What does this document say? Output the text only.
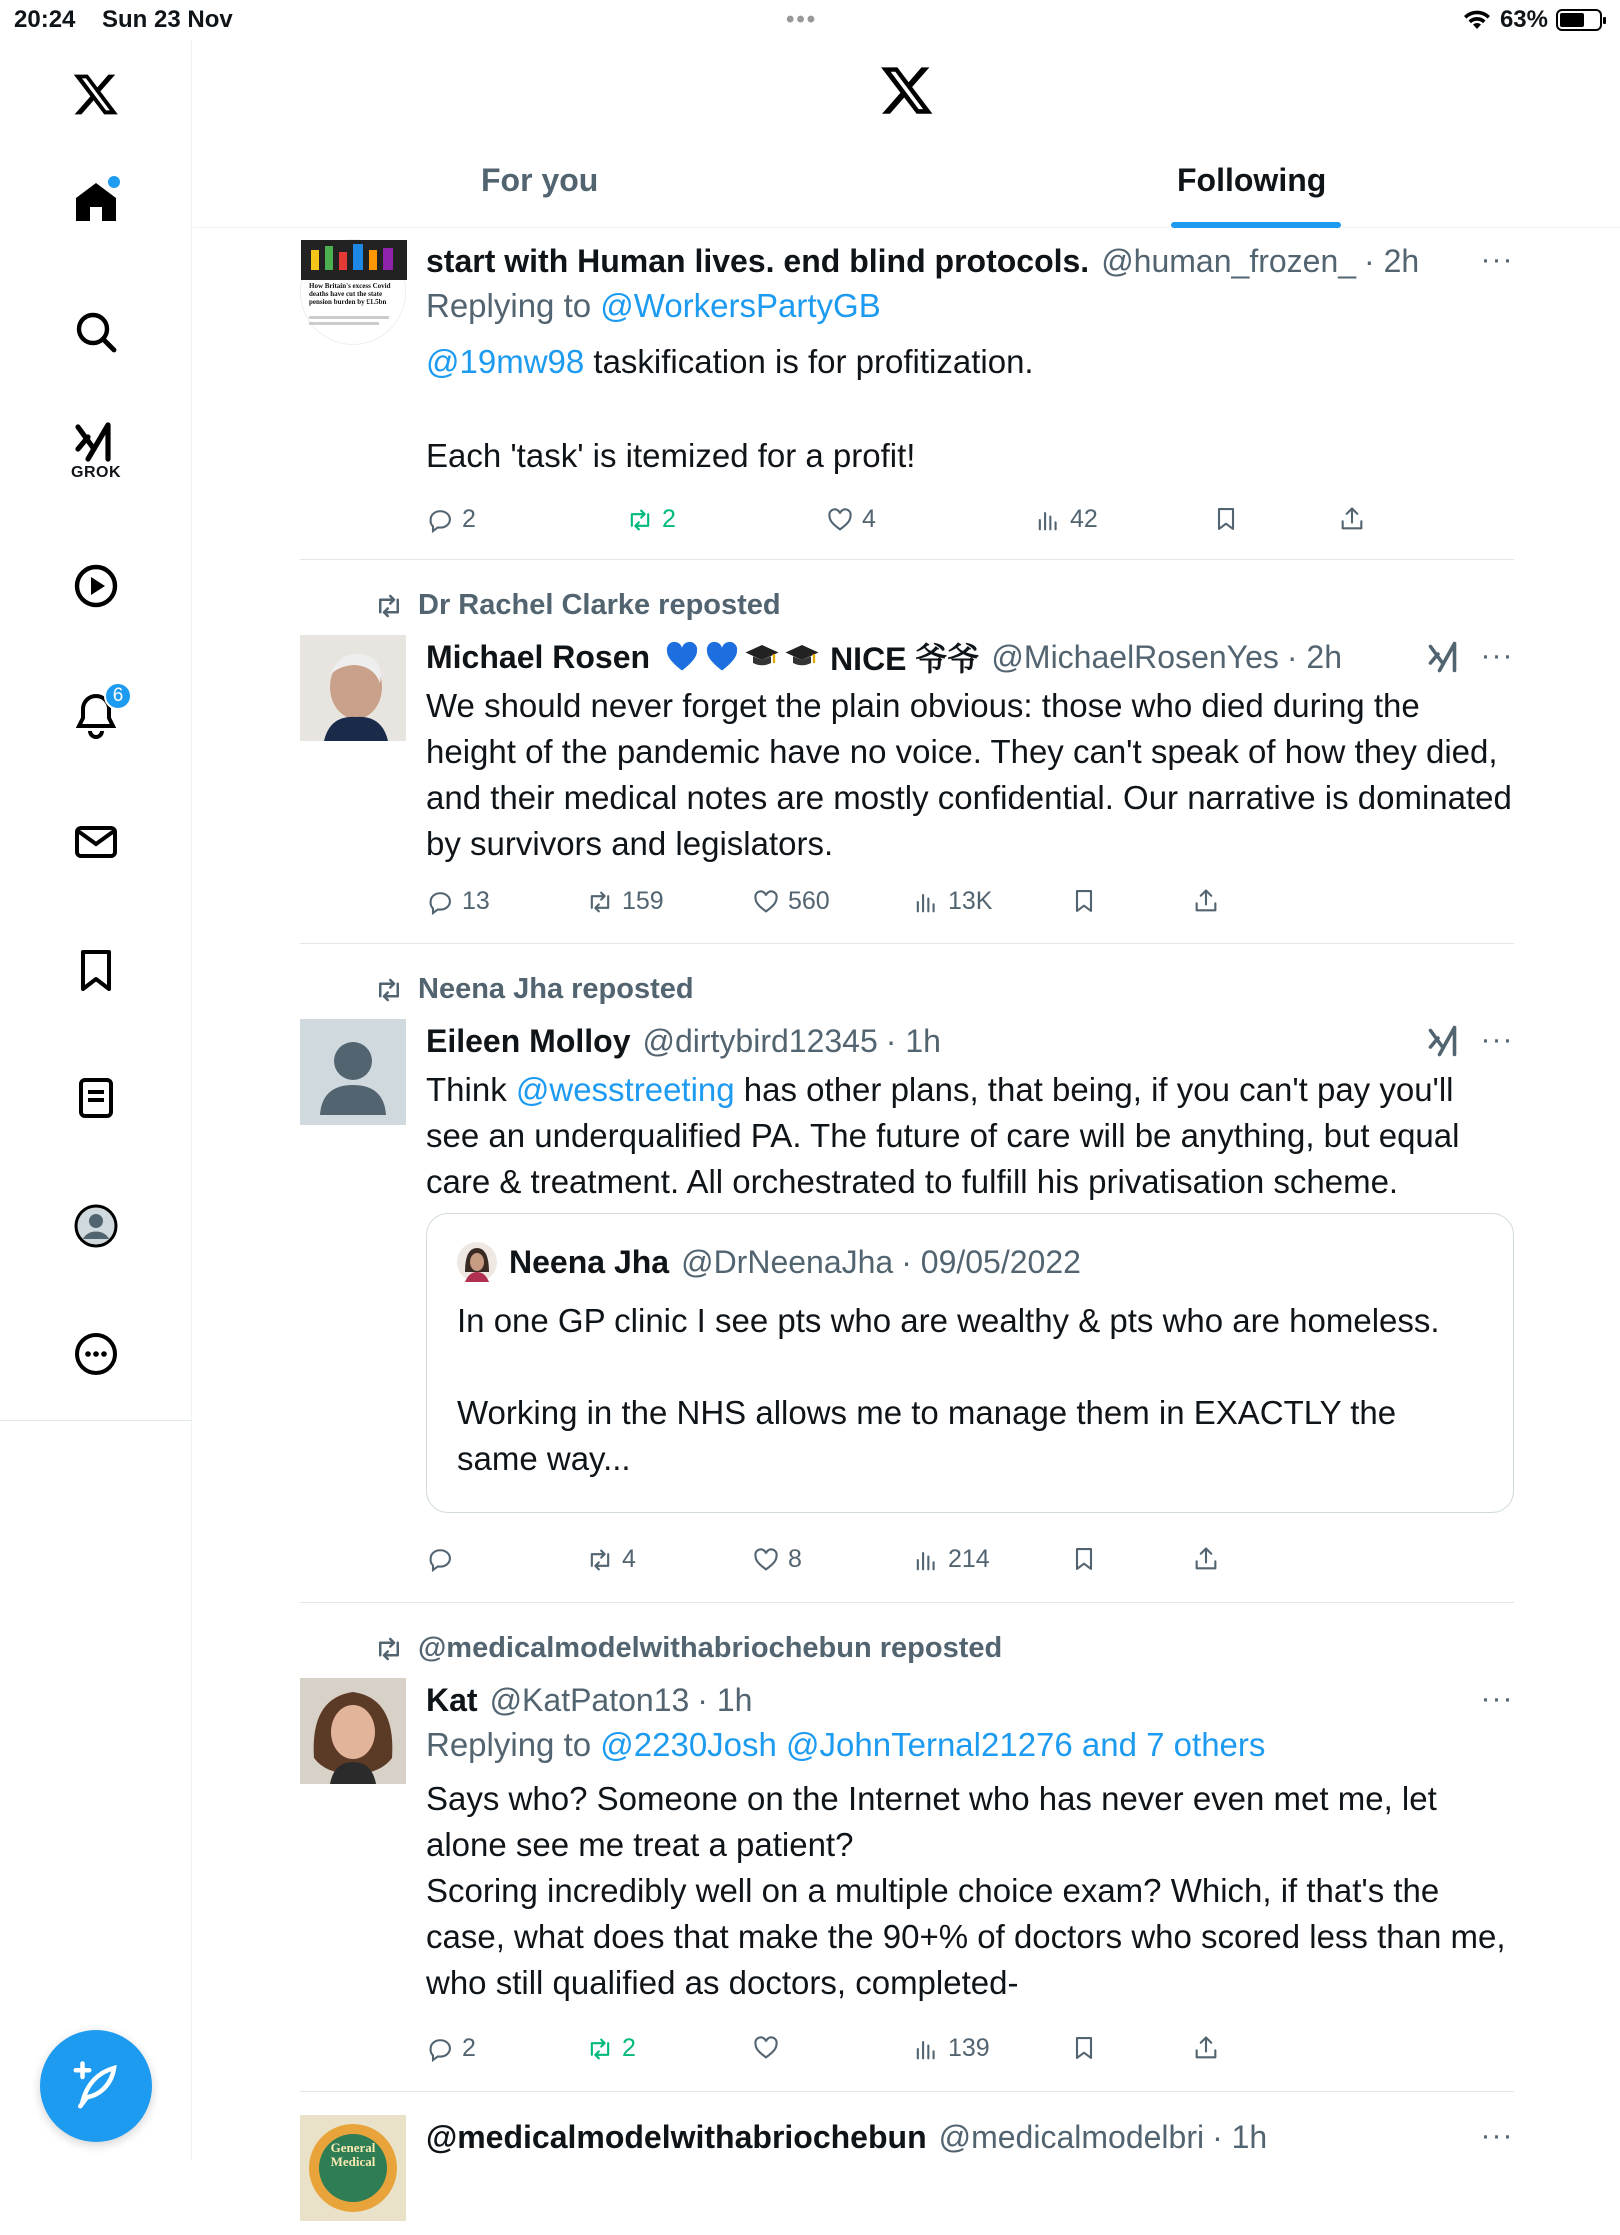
20:24 Sun 23 Nov	•••	63%
GROK
6
For you	Following
How Britain's excess Covid deaths have cut the state pension burden by £1.5bn
start with Human lives. end blind protocols. @human_frozen_ · 2h
Replying to @WorkersPartyGB
@19mw98 taskification is for profitization.
Each 'task' is itemized for a profit!
···
2	2	4	42
Dr Rachel Clarke reposted
Michael Rosen	NICE 爷爷 @MichaelRosenYes · 2h
We should never forget the plain obvious: those who died during the height of the pandemic have no voice. They can't speak of how they died, and their medical notes are mostly confidential. Our narrative is dominated by survivors and legislators.
···
13	159	560	13K
Neena Jha reposted
Eileen Molloy @dirtybird12345 · 1h
Think @wesstreeting has other plans, that being, if you can't pay you'll see an underqualified PA. The future of care will be anything, but equal care & treatment. All orchestrated to fulfill his privatisation scheme.
Neena Jha @DrNeenaJha · 09/05/2022
In one GP clinic I see pts who are wealthy & pts who are homeless.
Working in the NHS allows me to manage them in EXACTLY the same way...
···
4	8	214
@medicalmodelwithabriochebun reposted
Kat @KatPaton13 · 1h
Replying to @2230Josh @JohnTernal21276 and 7 others
Says who? Someone on the Internet who has never even met me, let alone see me treat a patient?
Scoring incredibly well on a multiple choice exam? Which, if that's the case, what does that make the 90+% of doctors who scored less than me, who still qualified as doctors, completed-
···
2	2	139
General Medical
@medicalmodelwithabriochebun @medicalmodelbri · 1h	···
